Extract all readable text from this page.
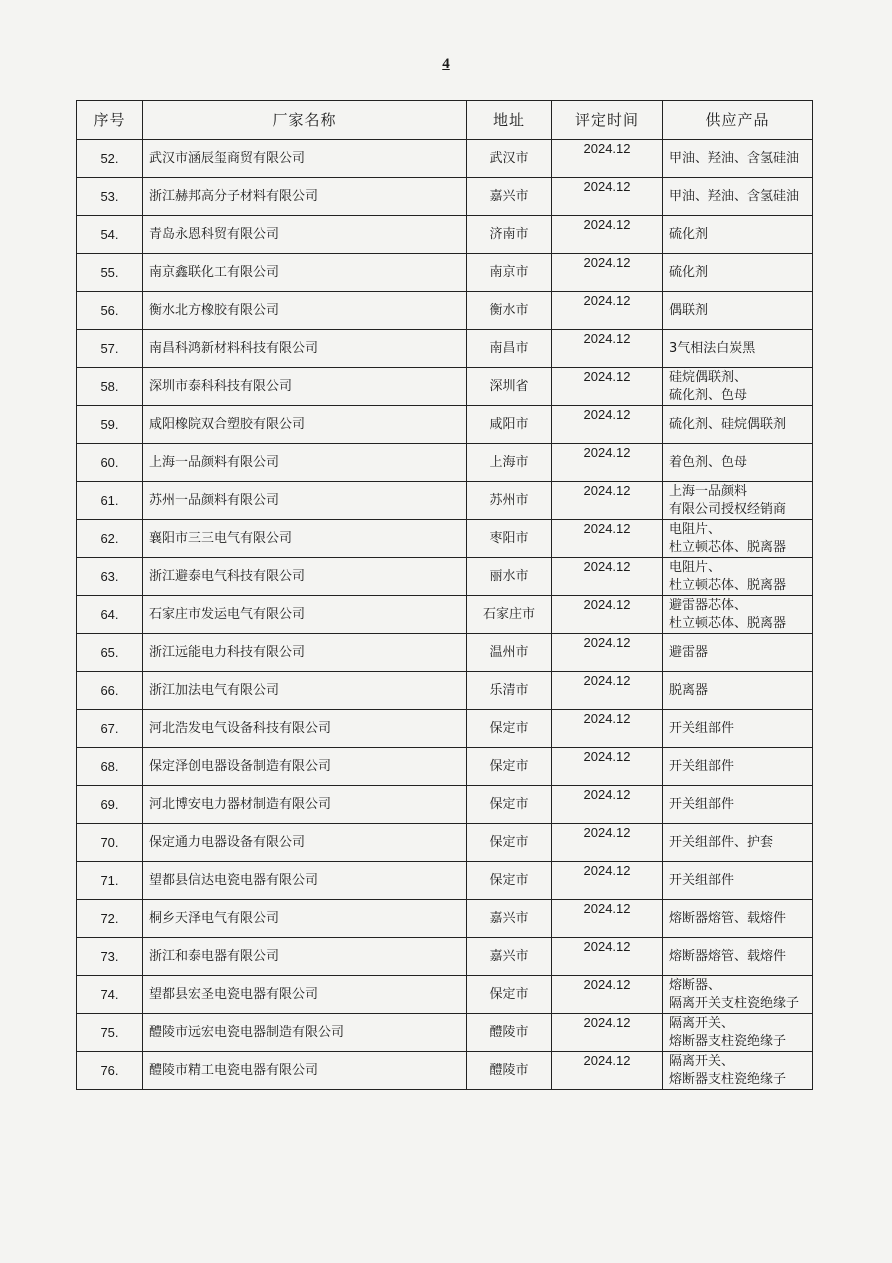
4
序号	厂家名称	地址	评定时间	供应产品
52.	武汉市涵辰玺商贸有限公司	武汉市	2024.12	甲油、羟油、含氢硅油
53.	浙江赫邦高分子材料有限公司	嘉兴市	2024.12	甲油、羟油、含氢硅油
54.	青岛永恩科贸有限公司	济南市	2024.12	硫化剂
55.	南京鑫联化工有限公司	南京市	2024.12	硫化剂
56.	衡水北方橡胶有限公司	衡水市	2024.12	偶联剂
57.	南昌科鸿新材料科技有限公司	南昌市	2024.12	3气相法白炭黑
58.	深圳市泰科科技有限公司	深圳省	2024.12	硅烷偶联剂、
硫化剂、色母
59.	咸阳橡院双合塑胶有限公司	咸阳市	2024.12	硫化剂、硅烷偶联剂
60.	上海一品颜料有限公司	上海市	2024.12	着色剂、色母
61.	苏州一品颜料有限公司	苏州市	2024.12	上海一品颜料
有限公司授权经销商
62.	襄阳市三三电气有限公司	枣阳市	2024.12	电阻片、
杜立顿芯体、脱离器
63.	浙江避泰电气科技有限公司	丽水市	2024.12	电阻片、
杜立顿芯体、脱离器
64.	石家庄市发运电气有限公司	石家庄市	2024.12	避雷器芯体、
杜立顿芯体、脱离器
65.	浙江远能电力科技有限公司	温州市	2024.12	避雷器
66.	浙江加法电气有限公司	乐清市	2024.12	脱离器
67.	河北浩发电气设备科技有限公司	保定市	2024.12	开关组部件
68.	保定泽创电器设备制造有限公司	保定市	2024.12	开关组部件
69.	河北博安电力器材制造有限公司	保定市	2024.12	开关组部件
70.	保定通力电器设备有限公司	保定市	2024.12	开关组部件、护套
71.	望都县信达电瓷电器有限公司	保定市	2024.12	开关组部件
72.	桐乡天泽电气有限公司	嘉兴市	2024.12	熔断器熔管、载熔件
73.	浙江和泰电器有限公司	嘉兴市	2024.12	熔断器熔管、载熔件
74.	望都县宏圣电瓷电器有限公司	保定市	2024.12	熔断器、
隔离开关支柱瓷绝缘子
75.	醴陵市远宏电瓷电器制造有限公司	醴陵市	2024.12	隔离开关、
熔断器支柱瓷绝缘子
76.	醴陵市精工电瓷电器有限公司	醴陵市	2024.12	隔离开关、
熔断器支柱瓷绝缘子
